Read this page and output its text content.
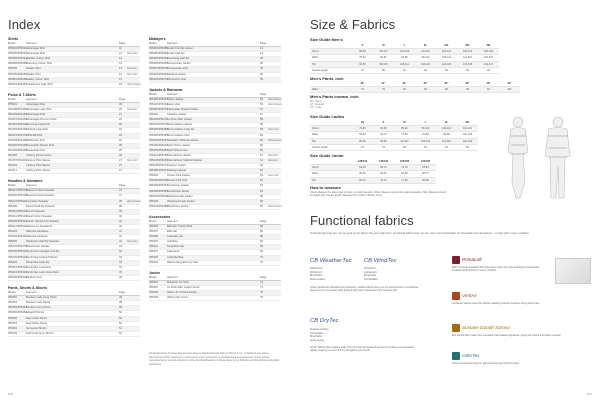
Index
Shirts
Model	Garment	Page
355464/355261 Advantage Shirt	10
355456/355297 Advantage Shirt	11	New color
355459/355264 Warbler Cotton Shirt	12
355458/355365 Manoring Cotton Shirt	12
355436	Seattle Shirt	13	New item
355435/355287 Seattle Shirt	13	New color
355461/355238 Hadley Cotton Shirt	14
355421/355435 Cantilleross Lady Shirt	16	discontinued
Polos & T-Shirts
Model	Garment	Page
355401	Advantage Polo	20
354408/354405 Advantage Lady Polo	20	New item
354429/354435 Advantage Polo	21
354457/354403 Advantage Premium Polo	22
354451/354412 Manoring Lady Polo	22
354453/354449 Ashford Lady Polo	23
354472/354471 Whitehill Polo	24
354428/354420 Williamson Polo	24
354420/354445 Oceanside Stretch Polo	25
354402/354405 Oceanside Polo	26
354436	Yarbury Performance	26
354457/354401 Yarbury Polo Sleeve	27	New color
354424	Yarbury Polo Sleeve	27
354417	Yarbury Polo Sleeve	27
Hoodies & Sweaters
Model	Garment	Page
355412/355413 Malone Knitted Sweater	37
355420/355418 Malone Knitted Sweater	37
355424/355402 Lancaster Sweater	38	discontinued
355409	Everett Half Zip Sweater	38
355410/355412 Everett Sweater	39
355411/355410 Ravel Cotton Sweater	40
355406/355415 Hunter Stretch Knit Sweater	40
355417/355417 Alamoover Sweatshirt	40
355423	Valencia Hardware	41
355422/355407 Valencia Cardigan	41
355469	Rainforest Half Zip Sweater	42	New color
355476/355478 Manchester Hoodie	42
355440/355447 Pembroke Cardigan Full Zip	42
355409/355403 Pembroke Knitted Pullover	43
355416	Pembroke Lady Zip	44
355416/355401 Pembroke Crewneck	44
355419/355402 Pembroke Lady Crew Neck	45
355408/355403 Windsor Vest	45
Pants, Shorts & Skorts
Model	Garment	Page
355451	Bunkers Lady Long Pants	48
355453	Bunkers Lady Pants	48
355459/355460 Bunkers Long Pants	49
355452/355452 Edgehill Shorts	50
355400	New Cottle Pants	50
355453	New Sober Pants	50
355454	Fernwood Shorts	51
355449	Golf Fresh Gym Shorts	52
Midlayers
Model	Garment	Page
355481/355483 Fedair Full Zip Jacket	13
355482/355483 Fedair Half Zip	13
355484/355422 Everskelly Half Zip	35
355460/355455 Snowpointer Jacket	35
355457/355418 Snowpointer Vest	35
355465/355461 Stratford Jacket	35
355463/355473 Pierrepoint Vest	35
Jackets & Rainwear
Model	Garment	Page
355405/355407 Bolton Jacket	56	discontinued
355440/355449 Eaton Vest	56	discontinued
355405/355479 Clearwater Shower Parka	57
355492	Clearline Jacket	57
355439/355470 La Push Rain Jacket	58
355404/355476 Mount Adams Jacket	58
355495/355486 Mount Adams Lady Jkt	59	New color
355490/355465 Mount Adams Vest	59
355494/355447 Navigator Softshell Jacket	60	discontinued
355496/355404 North Shore Jacket	60
355493/355451 North Shore Vest	60
355441/355425 Oak Harbour Jacket	61	New item
355445/355435 Oak Harbour Softshell Jacket	61	New item
355448/355477 Ocampo Jacket	62
355480/355477 Hastings Jacket	62
355440	Ocean Park Jacket	63	New color
355405/355445 Ocean Park Vest	63
355406/355467 Pemberton Jacket	64
355499/355453 Snowbrook Jacket	64
355404/355405 Westwood Zip Jacket	65
355448	Westwood Lady Jacket	65
355415/355488 Westshore Jacket	65	discontinued
Accessories
Model	Garment	Page
356499	Barrows Trouser Belt	68
356457	Ellis Hat	68
356458	Lakeside Hat	68
356497	Golf Bag	69
356414	Kingsville Cap	69
356474	Lakewood	69
356496	Umbrella Bag	70
356449	Wainscoting Warmup Vest	70
Junior
Model	Garment	Page
355461	Mapleton Jnr Shirt	74
355451	La Push Rain Jacket Junior	74
355445	Hilltop Jnr Knitted Jacket	75
355448	Hilltop Cap Junior	75
All designations in these lists are according to Rainbowhemis with no Plenty & Co, Cutterbuck are active, discontinued (Prior seasons) in stock-items (new customers to be discussed and approved; styles below). Cancelled items and all ordered in collection Reekfaustlen in these rates to our Shoesit and SmartSmart-bounded purchases.
106
Size & Fabrics
Size Guide Men's
	S	M	L	XL	2XL	3XL	4XL
Chest	88-93	95-100	103-108	111-116	120-124	128-132	136-140
Waist	75-80	82-87	90-95	98-103	106-111	114-119	122-127
Hip	90-95	98-103	106-111	115-120	124-129	133-138	142-147
Inseam length	79	80	81	82	82	82	82
Men's Pants, inch
	30"	31"	32"	33"	34"	35"	36"	40"
Waist	76	79	81	84	86	89	91	102
Men's Pants inseam, inch
30" - Short
32" - Regular
34" - Long
Size Guide Ladies
	XS	S	M	L	XL	2XL
Chest	76-80	82-86	88-92	96-102	106-112	116-122
Waist	58-62	64-70	72-80	81-88	89-98	100-108
Hip	80-85	86-90	94-100	104-110	112-118	120-126
Inseam length	78	79	80	81	81	82
Size Guide Junior
	128/134	140/146	152/158	164/166
Chest	64-68	68-72	72-78	78-84
Waist	56-60	60-64	64-68	68-72
Hip	66-70	70-76	77-82	83-88
How to measure
Chest: Measure the widest part of chest, up under the arms. Waist: Measure around at a natural waistline. Hips: Measure around the fullest part. Inseam length: Measure from crotch to bottom of leg.
Functional fabrics
Technical garments are only as good as the fabrics they are made from. Functional fabrics keep you dry, warm and comfortable, for all weather and all seasons – to play golf in every condition.
CB WeatherTec CB WindTec
Waterproof
Windproof
Breathable
Seam-sealed
Windproof
Lightweight
Breathable
Comfortable
Under Cutterbuck's Weatherproof collection, weather fabrics keep you dry and protected. Our laminate layers let you move freely while giving a high level of protection from wind and rain.
CB DryTec
Moisture wicking
Comfortable
Breathable
Quick drying
DryTec fabrics take moisture away from the body and spread it across the surface so it evaporates quickly, keeping you cool and dry throughout your round.
PrimaLoft
Warm synthetic insulation that stays warm when wet, light and highly compressible. Insulation that performs in every condition.
VentAir
Ventilation panels placed for airflow, releasing heat and moisture during active play.
Sustane Durafit Sorona
Eco-friendly fibre made from renewable plant-based ingredients, giving soft stretch and shape retention.
OderTex
Odour control technology for garments that stay fresh for longer.
107
